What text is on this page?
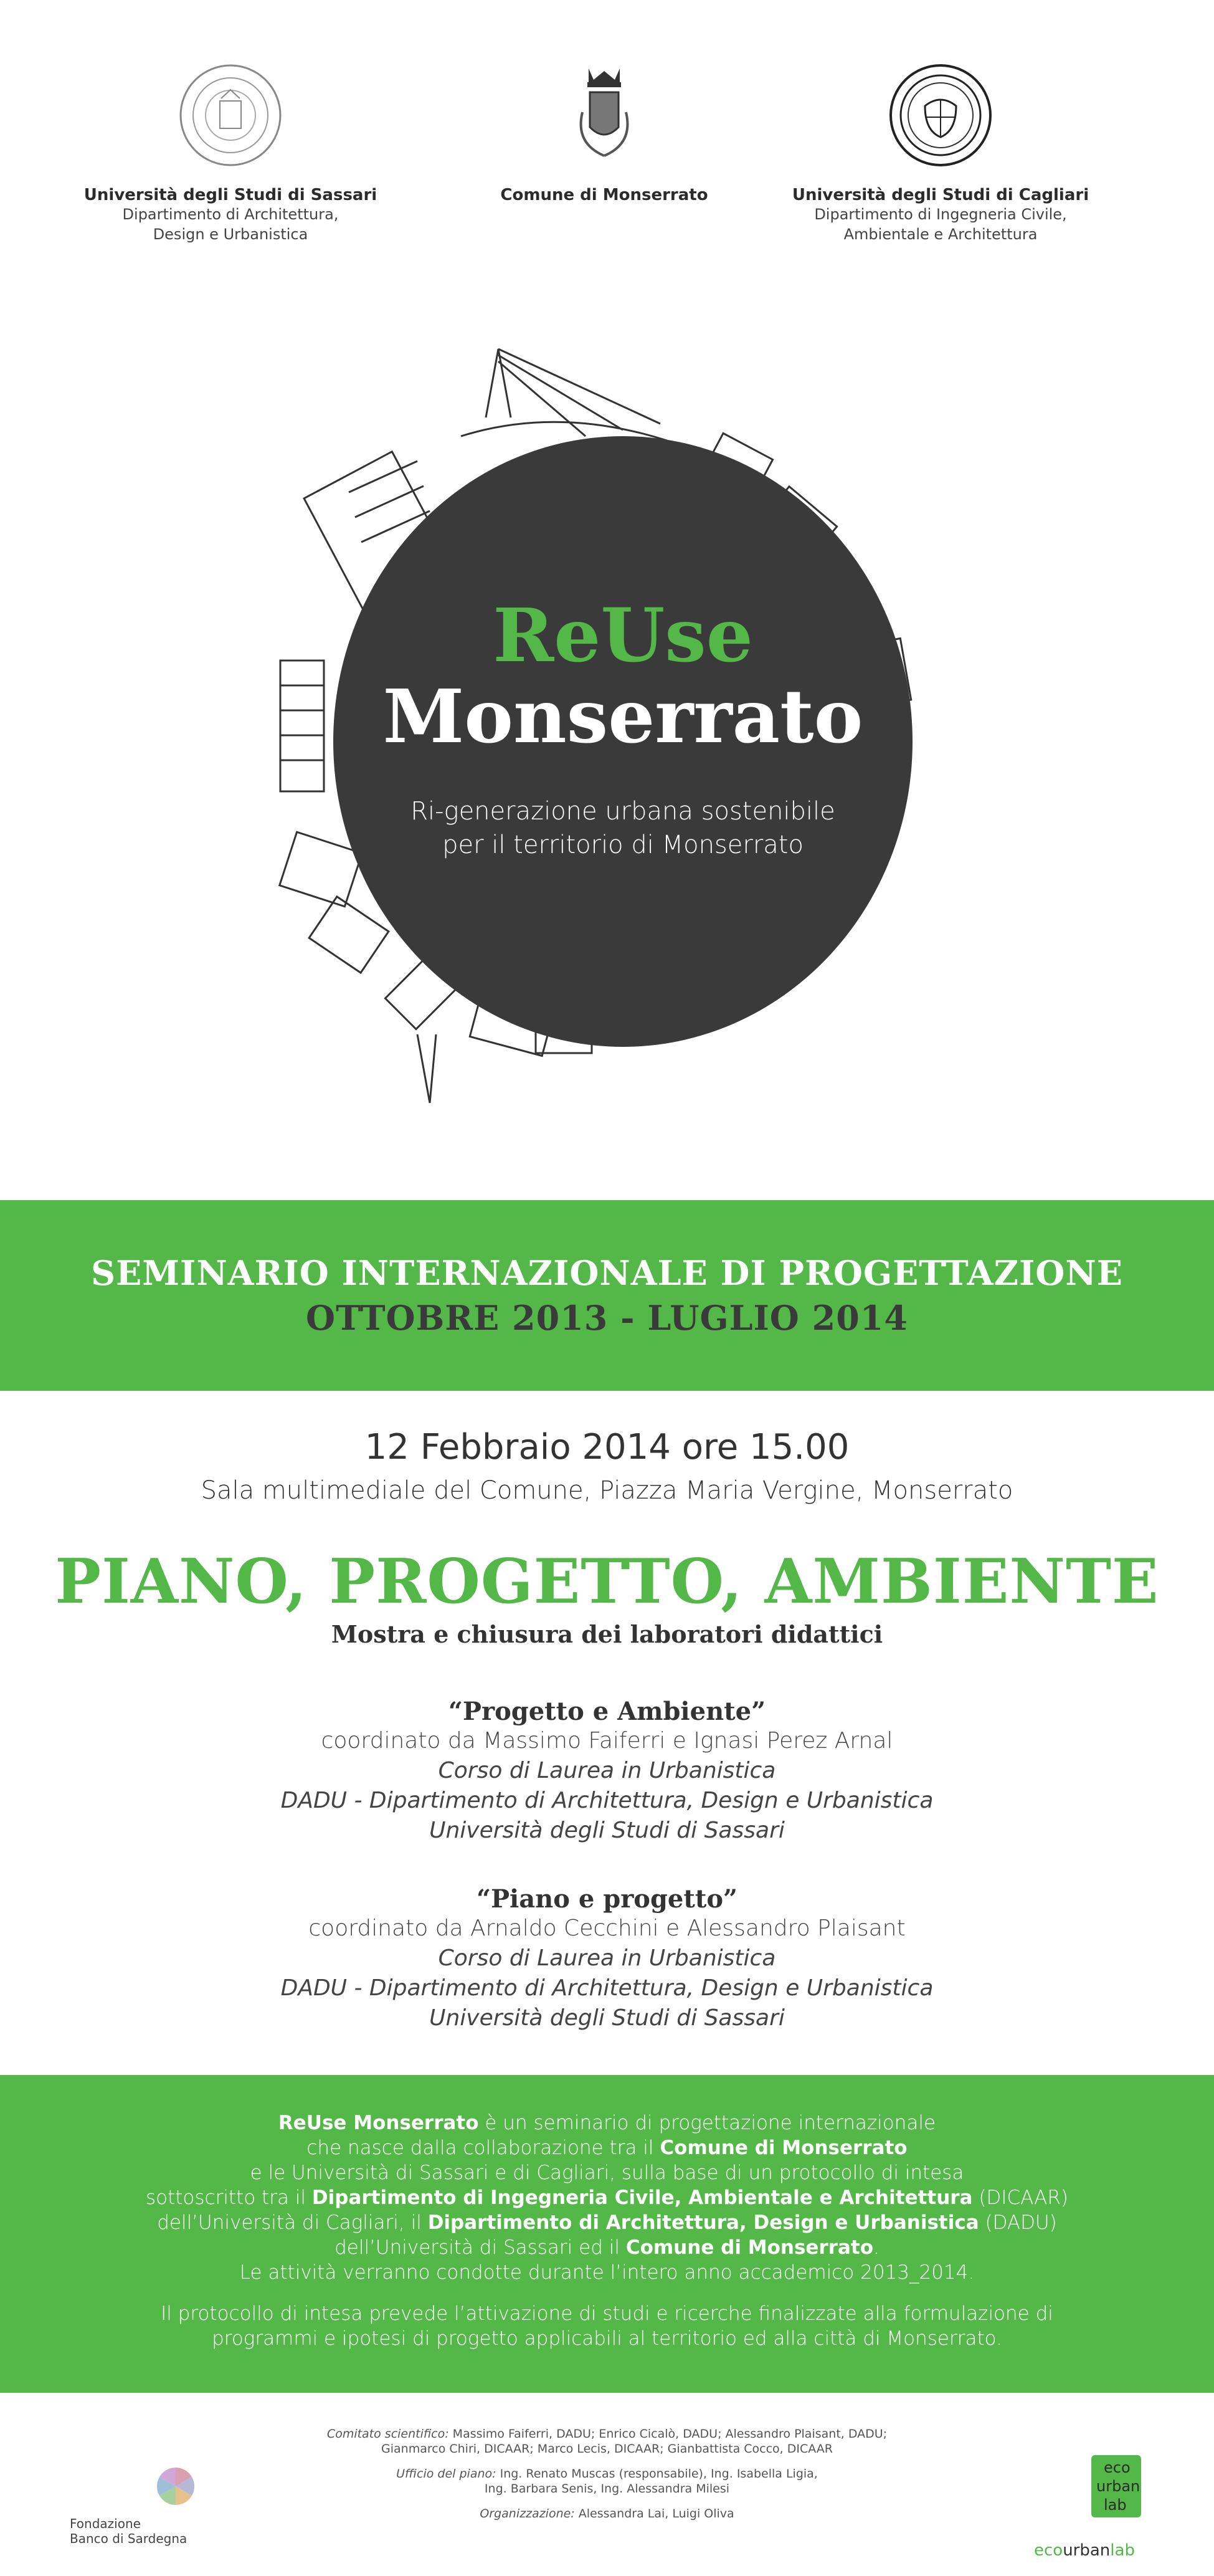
Università degli Studi di Sassari
Dipartimento di Architettura,
Design e Urbanistica
Comune di Monserrato	Università degli Studi di Cagliari
Dipartimento di Ingegneria Civile,
Ambientale e Architettura
ReUse
Monserrato
Ri-generazione urbana sostenibile
per il territorio di Monserrato
SEMINARIO INTERNAZIONALE DI PROGETTAZIONE
OTTOBRE 2013 - LUGLIO 2014
12 Febbraio 2014 ore 15.00
Sala multimediale del Comune, Piazza Maria Vergine, Monserrato
PIANO, PROGETTO, AMBIENTE
Mostra e chiusura dei laboratori didattici
“Progetto e Ambiente”
coordinato da Massimo Faiferri e Ignasi Perez Arnal
Corso di Laurea in Urbanistica
DADU - Dipartimento di Architettura, Design e Urbanistica
Università degli Studi di Sassari
“Piano e progetto”
coordinato da Arnaldo Cecchini e Alessandro Plaisant
Corso di Laurea in Urbanistica
DADU - Dipartimento di Architettura, Design e Urbanistica
Università degli Studi di Sassari
ReUse Monserrato è un seminario di progettazione internazionale
che nasce dalla collaborazione tra il Comune di Monserrato
e le Università di Sassari e di Cagliari, sulla base di un protocollo di intesa
sottoscritto tra il Dipartimento di Ingegneria Civile, Ambientale e Architettura (DICAAR)
dell’Università di Cagliari, il Dipartimento di Architettura, Design e Urbanistica (DADU)
dell’Università di Sassari ed il Comune di Monserrato.
Le attività verranno condotte durante l’intero anno accademico 2013_2014.
Il protocollo di intesa prevede l’attivazione di studi e ricerche finalizzate alla formulazione di
programmi e ipotesi di progetto applicabili al territorio ed alla città di Monserrato.
Comitato scientifico: Massimo Faiferri, DADU; Enrico Cicalò, DADU; Alessandro Plaisant, DADU;
Gianmarco Chiri, DICAAR; Marco Lecis, DICAAR; Gianbattista Cocco, DICAAR
Ufficio del piano: Ing. Renato Muscas (responsabile), Ing. Isabella Ligia,
Ing. Barbara Senis, Ing. Alessandra Milesi
Organizzazione: Alessandra Lai, Luigi Oliva
Fondazione
Banco di Sardegna
eco
urban
lab
ecourbanlab
